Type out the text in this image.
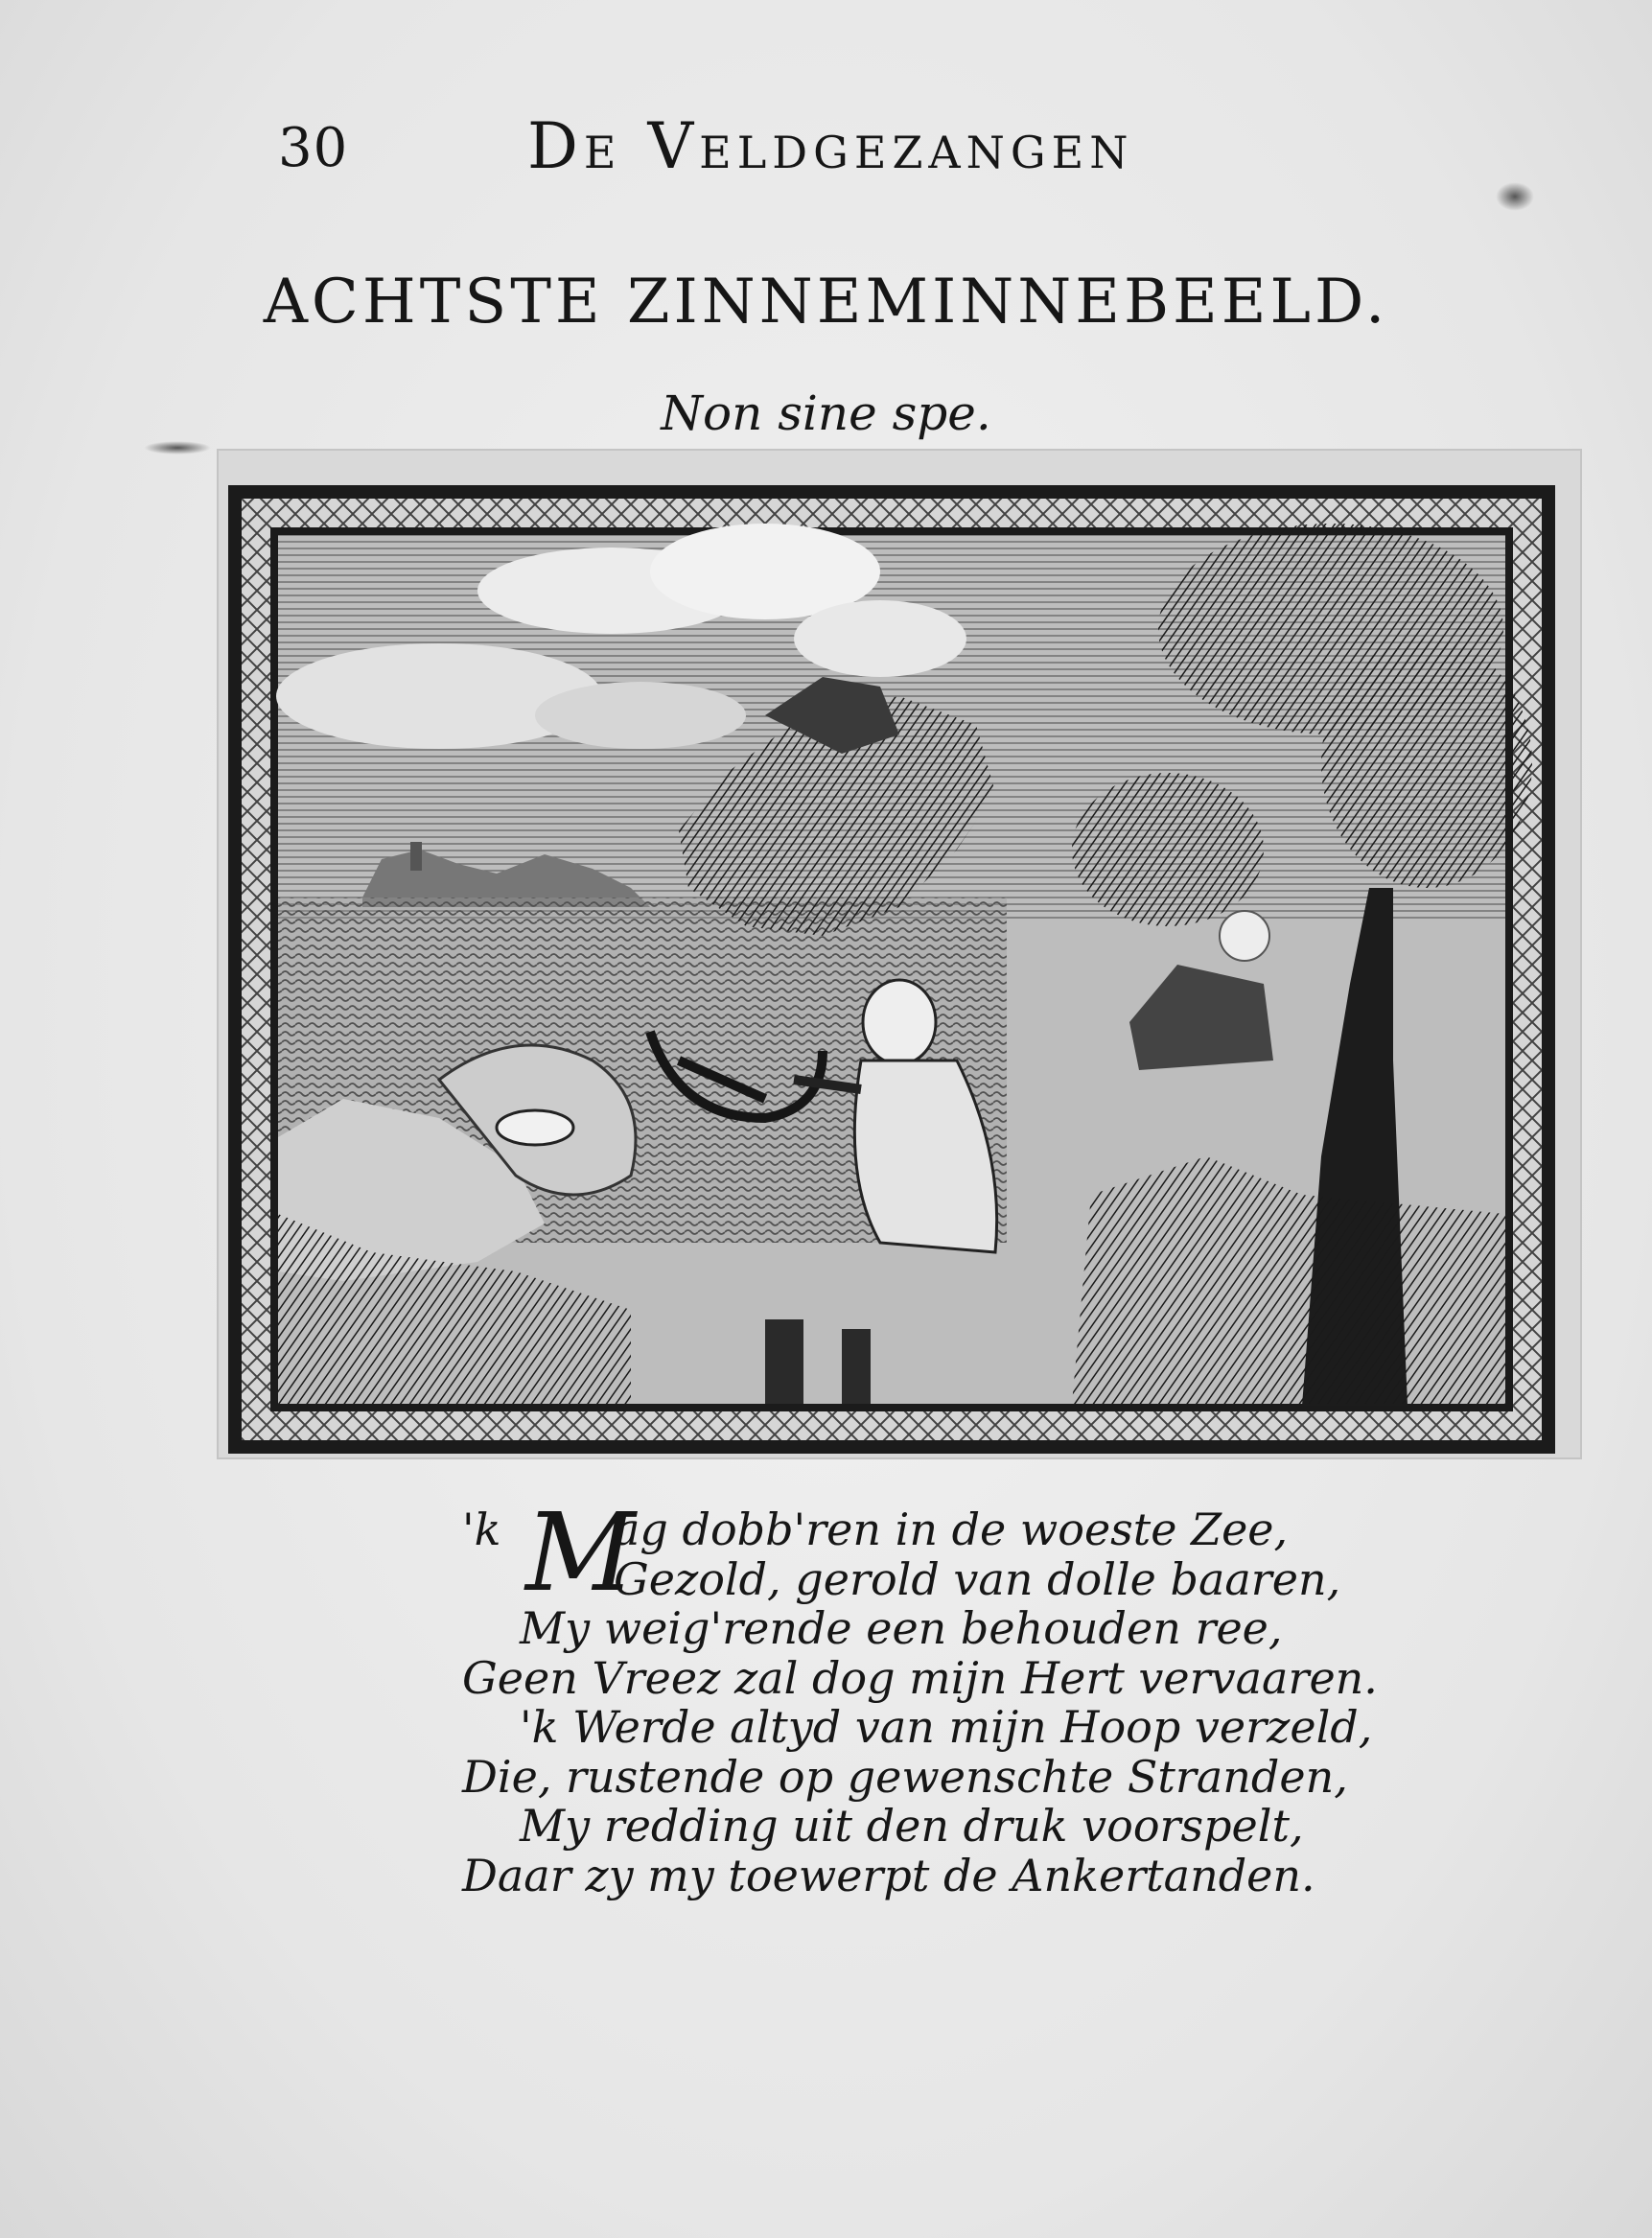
30	De Veldgezangen
ACHTSTE ZINNEMINNEBEELD.
Non sine spe.
'k M
ag dobb'ren in de woeste Zee,
Gezold, gerold van dolle baaren,
My weig'rende een behouden ree,
Geen Vreez zal dog mijn Hert vervaaren.
'k Werde altyd van mijn Hoop verzeld,
Die, rustende op gewenschte Stranden,
My redding uit den druk voorspelt,
Daar zy my toewerpt de Ankertanden.
